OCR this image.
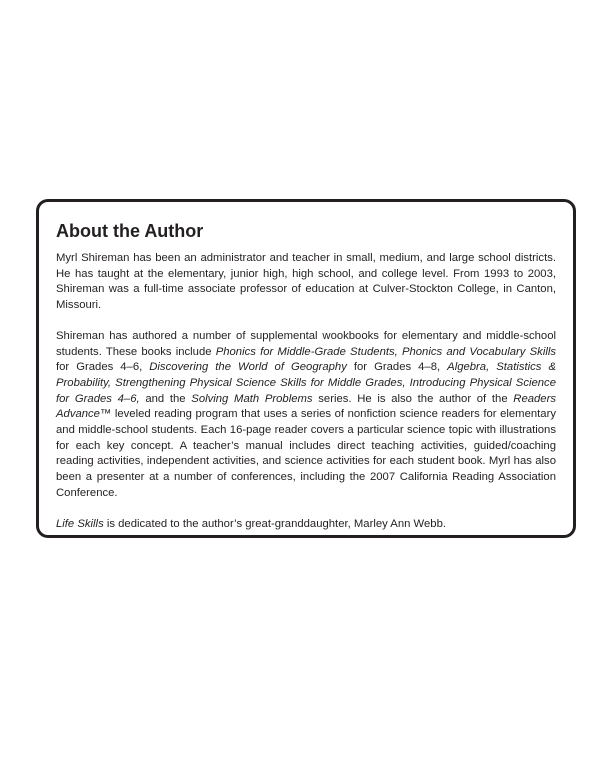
About the Author

Myrl Shireman has been an administrator and teacher in small, medium, and large school districts. He has taught at the elementary, junior high, high school, and college level. From 1993 to 2003, Shireman was a full-time associate professor of education at Culver-Stockton College, in Canton, Missouri.

Shireman has authored a number of supplemental wookbooks for elementary and middle-school students. These books include Phonics for Middle-Grade Students, Phonics and Vocabulary Skills for Grades 4–6, Discovering the World of Geography for Grades 4–8, Algebra, Statistics & Probability, Strengthening Physical Science Skills for Middle Grades, Introducing Physical Science for Grades 4–6, and the Solving Math Problems series. He is also the author of the Readers Advance™ leveled reading program that uses a series of nonfiction science readers for elementary and middle-school students. Each 16-page reader covers a particular science topic with illustrations for each key concept. A teacher’s manual includes direct teaching activities, guided/coaching reading activities, independent activities, and science activities for each student book. Myrl has also been a presenter at a number of conferences, including the 2007 California Reading Association Conference.

Life Skills is dedicated to the author’s great-granddaughter, Marley Ann Webb.
